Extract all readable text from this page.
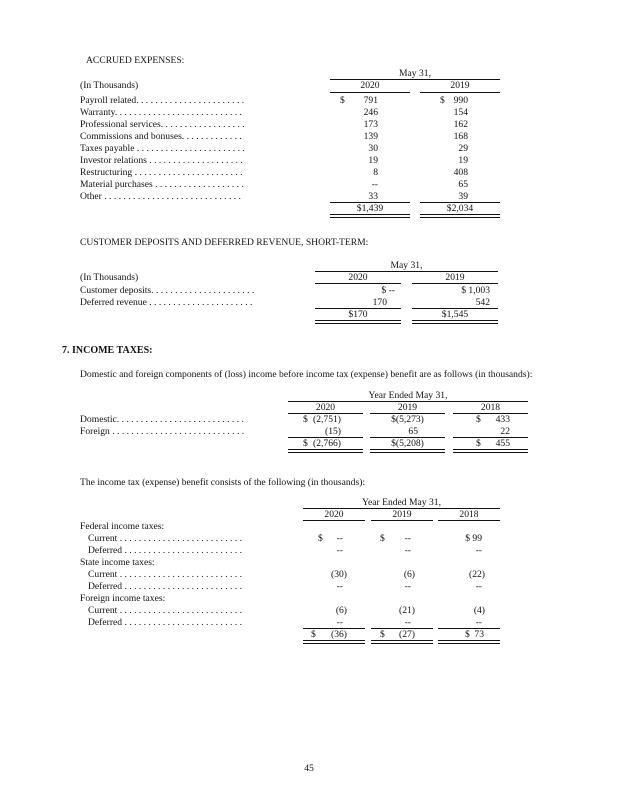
ACCRUED EXPENSES:
May 31,
(In Thousands)	2020	2019
Payroll related. . . . . . . . . . . . . . . . . . . . . . .	$	791	$ 990
Warranty. . . . . . . . . . . . . . . . . . . . . . . . . . .	246	154
Professional services. . . . . . . . . . . . . . . . . .	173	162
Commissions and bonuses. . . . . . . . . . . . .	139	168
Taxes payable . . . . . . . . . . . . . . . . . . . . . . .	30	29
Investor relations . . . . . . . . . . . . . . . . . . . .	19	19
Restructuring . . . . . . . . . . . . . . . . . . . . . . .	8	408
Material purchases . . . . . . . . . . . . . . . . . . .	--	65
Other . . . . . . . . . . . . . . . . . . . . . . . . . . . . .	33	39
$1,439	$2,034
CUSTOMER DEPOSITS AND DEFERRED REVENUE, SHORT-TERM:
May 31,
(In Thousands)	2020	2019
Customer deposits. . . . . . . . . . . . . . . . . . . . . .	$ --	$ 1,003
Deferred revenue . . . . . . . . . . . . . . . . . . . . . .	170	542
$170	$1,545
7. INCOME TAXES:
Domestic and foreign components of (loss) income before income tax (expense) benefit are as follows (in thousands):
Year Ended May 31,
2020	2019	2018
Domestic. . . . . . . . . . . . . . . . . . . . . . . . . . .	$ (2,751)	$(5,273)	$	433
Foreign . . . . . . . . . . . . . . . . . . . . . . . . . . . .	(15)	65	22
$ (2,766)	$(5,208)	$	455
The income tax (expense) benefit consists of the following (in thousands):
Year Ended May 31,
2020	2019	2018
Federal income taxes:
Current . . . . . . . . . . . . . . . . . . . . . . . . . .	$	--	$	--	$ 99
Deferred . . . . . . . . . . . . . . . . . . . . . . . . .	--	--	--
State income taxes:
Current . . . . . . . . . . . . . . . . . . . . . . . . . .	(30)	(6)	(22)
Deferred . . . . . . . . . . . . . . . . . . . . . . . . .	--	--	--
Foreign income taxes:
Current . . . . . . . . . . . . . . . . . . . . . . . . . .	(6)	(21)	(4)
Deferred . . . . . . . . . . . . . . . . . . . . . . . . .	--	--	--
$	(36)	$	(27)	$ 73
45
